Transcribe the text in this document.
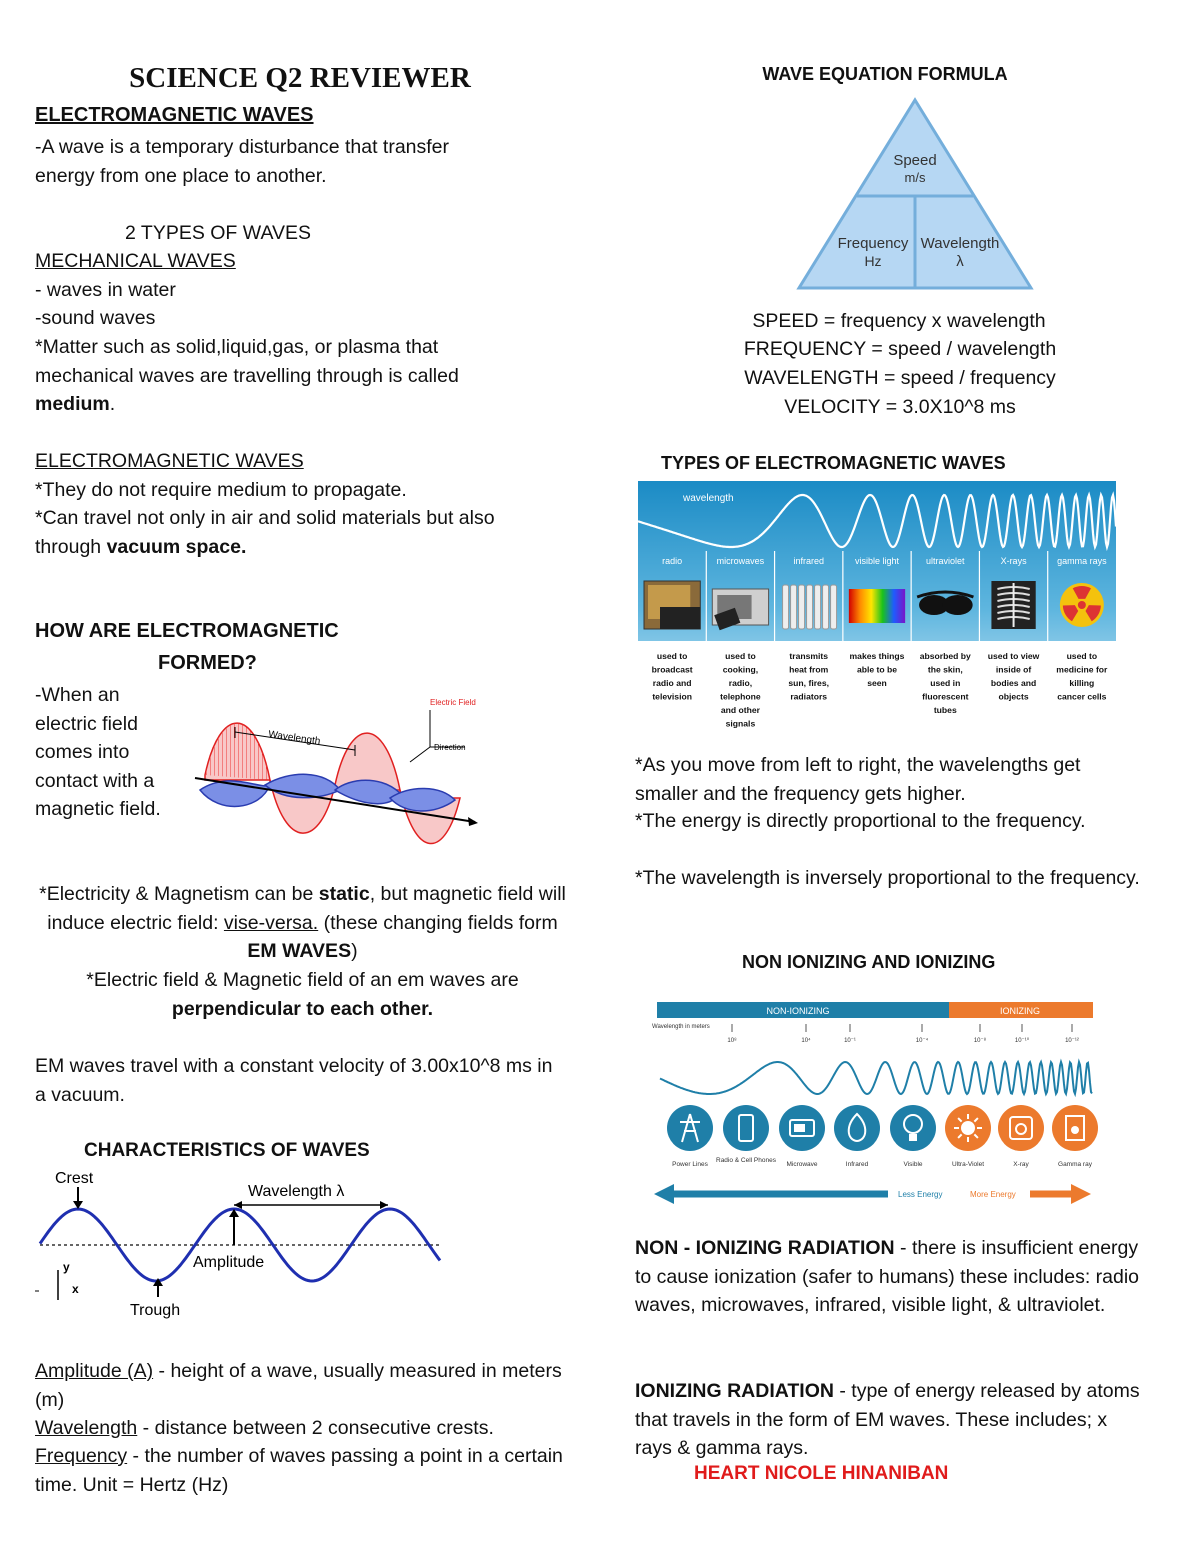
SCIENCE Q2 REVIEWER
ELECTROMAGNETIC WAVES
-A wave is a temporary disturbance that transfer energy from one place to another.
2 TYPES OF WAVES
MECHANICAL WAVES
- waves in water
-sound waves
*Matter such as solid,liquid,gas, or plasma that mechanical waves are travelling through is called medium.
ELECTROMAGNETIC WAVES
*They do not require medium to propagate.
*Can travel not only in air and solid materials but also through vacuum space.
HOW ARE ELECTROMAGNETIC
FORMED?
-When an electric field comes into contact with a magnetic field.
Wavelength
Electric Field
Direction
*Electricity & Magnetism can be static, but magnetic field will induce electric field: vise-versa. (these changing fields form EM WAVES)
*Electric field & Magnetic field of an em waves are perpendicular to each other.
EM waves travel with a constant velocity of 3.00x10^8 ms in a vacuum.
CHARACTERISTICS OF WAVES
Crest
Trough
Wavelength λ
Amplitude
y
x
Amplitude (A) - height of a wave, usually measured in meters (m)
Wavelength - distance between 2 consecutive crests.
Frequency - the number of waves passing a point in a certain time. Unit = Hertz (Hz)
WAVE EQUATION FORMULA
Speed
m/s
Frequency
Hz
Wavelength
λ
SPEED = frequency x wavelength
FREQUENCY = speed / wavelength
WAVELENGTH = speed / frequency
VELOCITY = 3.0X10^8 ms
TYPES OF ELECTROMAGNETIC WAVES
wavelength
radio
used to
broadcast
radio and
television
microwaves
used to
cooking,
radio,
telephone
and other
signals
infrared
transmits
heat from
sun, fires,
radiators
visible light
makes things
able to be
seen
ultraviolet
absorbed by
the skin,
used in
fluorescent
tubes
X-rays
used to view
inside of
bodies and
objects
gamma rays
used to
medicine for
killing
cancer cells
*As you move from left to right, the wavelengths get smaller and the frequency gets higher.
*The energy is directly proportional to the frequency.
*The wavelength is inversely proportional to the frequency.
NON IONIZING AND IONIZING
NON-IONIZING	IONIZING
Wavelength in meters
10⁸	10⁴	10⁻¹	10⁻⁴	10⁻⁸	10⁻¹⁰	10⁻¹²
Power Lines
Radio & Cell Phones
Microwave	Infrared	Visible	Ultra-Violet	X-ray	Gamma ray
Less Energy	More Energy
NON - IONIZING RADIATION - there is insufficient energy to cause ionization (safer to humans) these includes: radio waves, microwaves, infrared, visible light, & ultraviolet.
IONIZING RADIATION - type of energy released by atoms that travels in the form of EM waves. These includes; x rays & gamma rays.
HEART NICOLE HINANIBAN
